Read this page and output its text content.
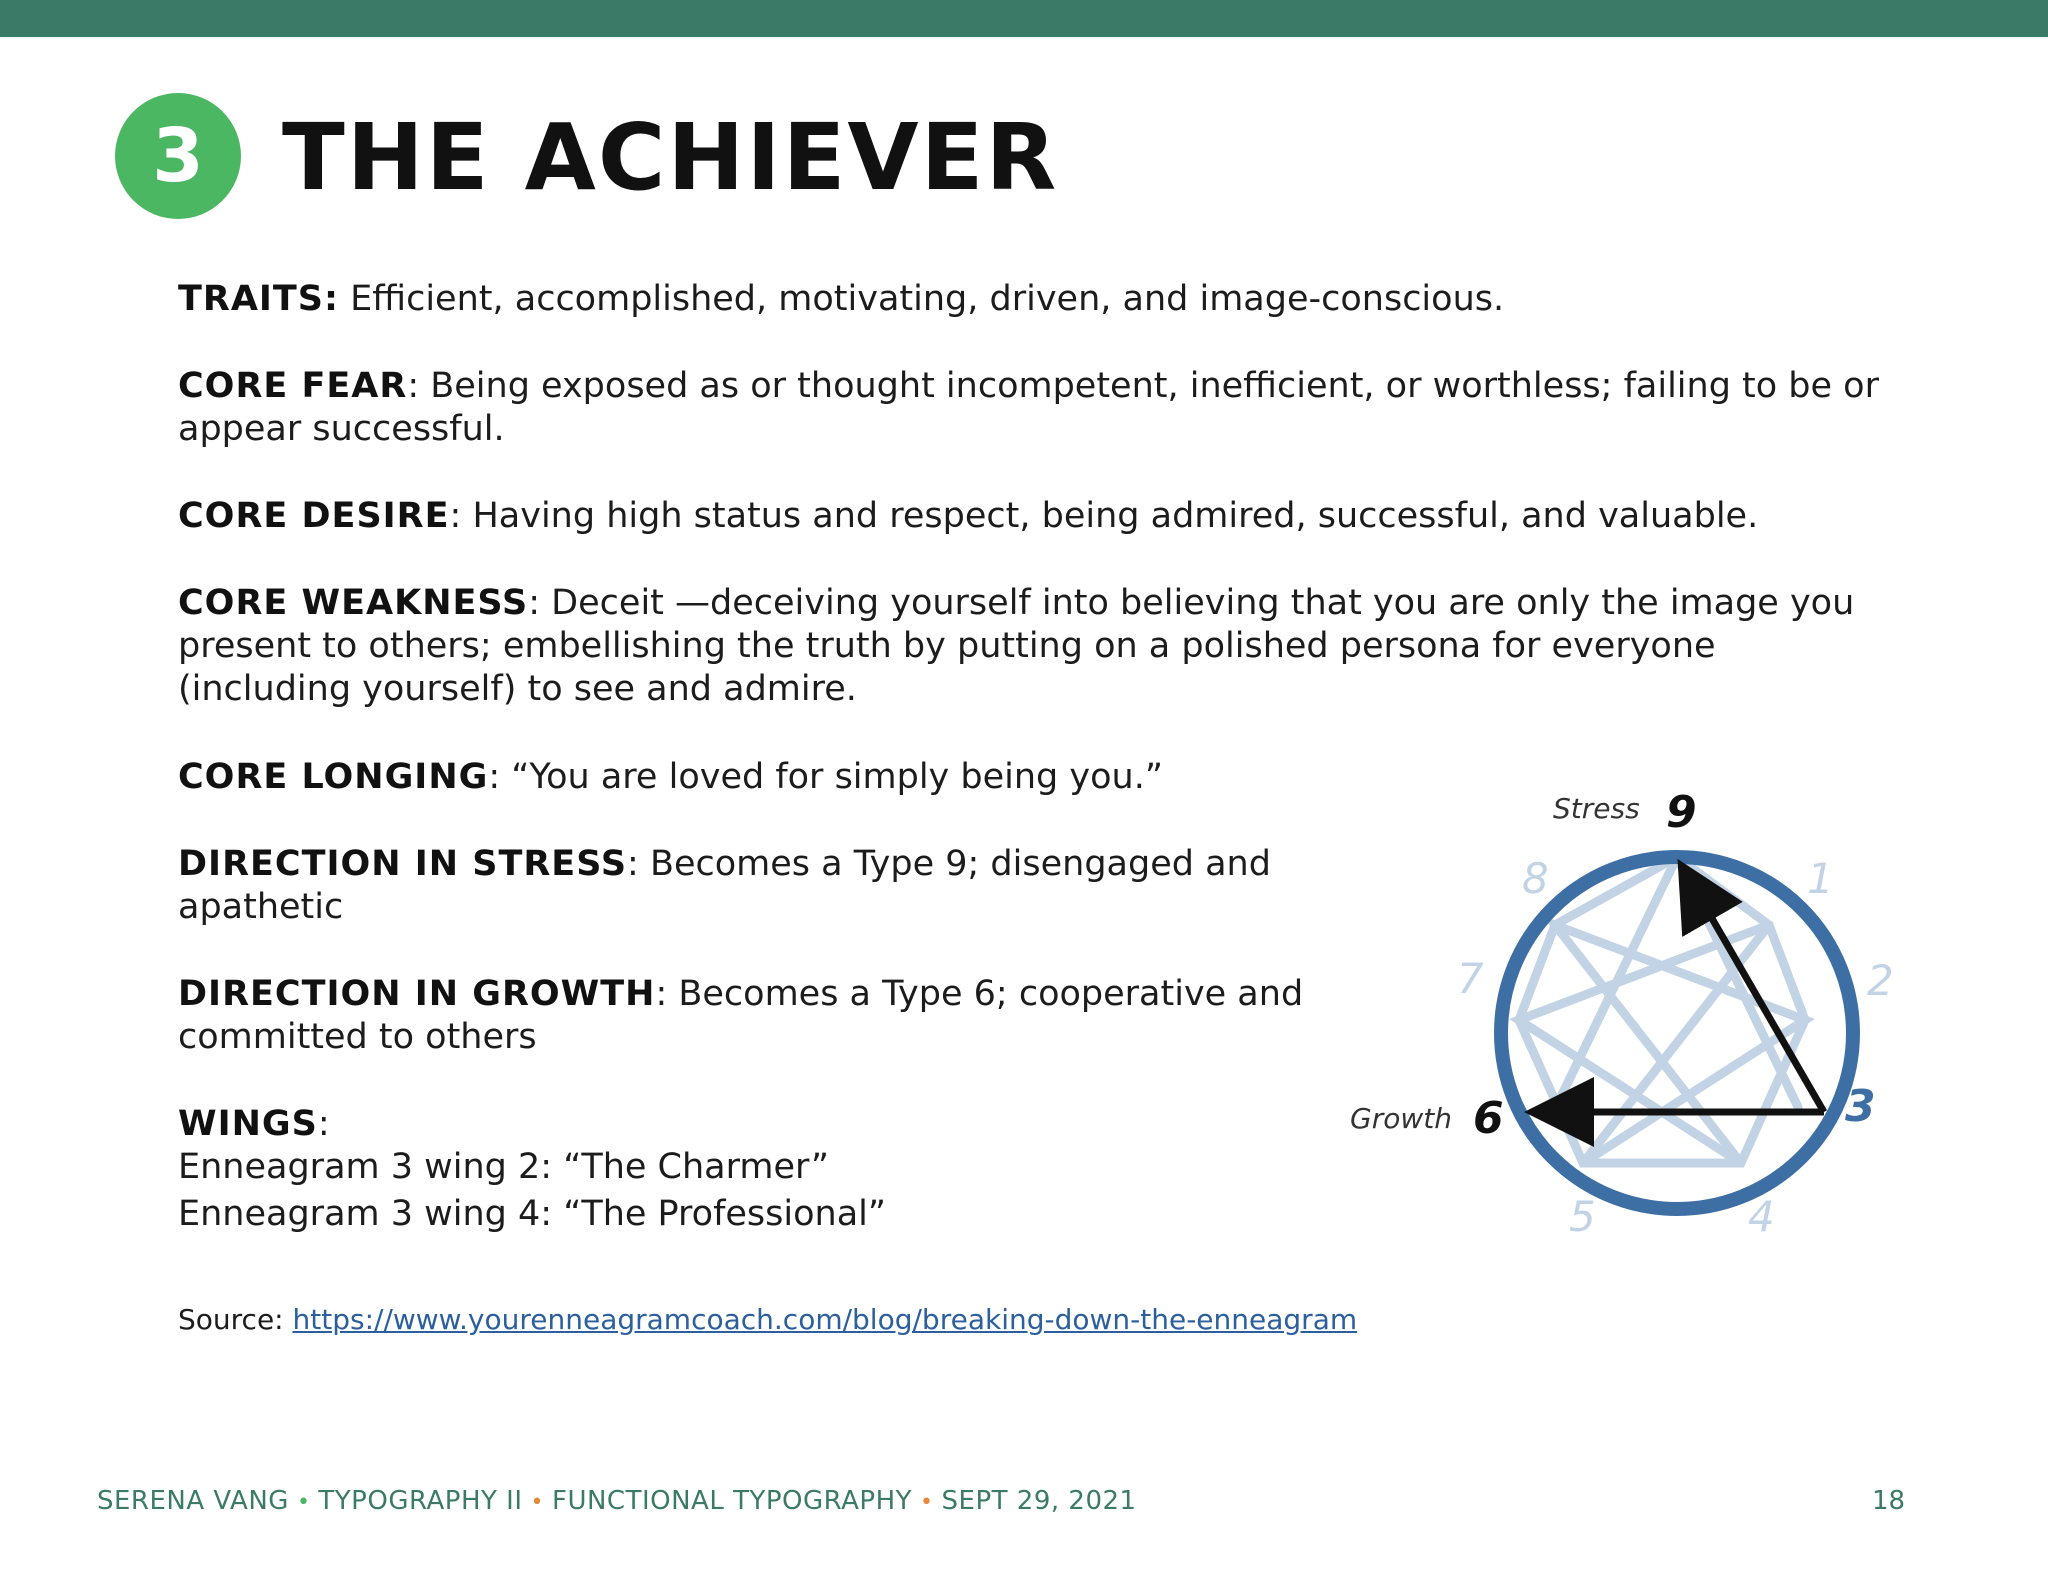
3 THE ACHIEVER
TRAITS: Efficient, accomplished, motivating, driven, and image-conscious.
CORE FEAR: Being exposed as or thought incompetent, inefficient, or worthless; failing to be or appear successful.
CORE DESIRE: Having high status and respect, being admired, successful, and valuable.
CORE WEAKNESS: Deceit —deceiving yourself into believing that you are only the image you present to others; embellishing the truth by putting on a polished persona for everyone (including yourself) to see and admire.
CORE LONGING: “You are loved for simply being you.”
DIRECTION IN STRESS: Becomes a Type 9; disengaged and apathetic
DIRECTION IN GROWTH: Becomes a Type 6; cooperative and committed to others
WINGS:
Enneagram 3 wing 2: “The Charmer”
Enneagram 3 wing 4: “The Professional”
Source: https://www.yourenneagramcoach.com/blog/breaking-down-the-enneagram
Stress 9
1
2
3
4
5
Growth 6
7
8
SERENA VANG • TYPOGRAPHY II • FUNCTIONAL TYPOGRAPHY • SEPT 29, 2021	18
